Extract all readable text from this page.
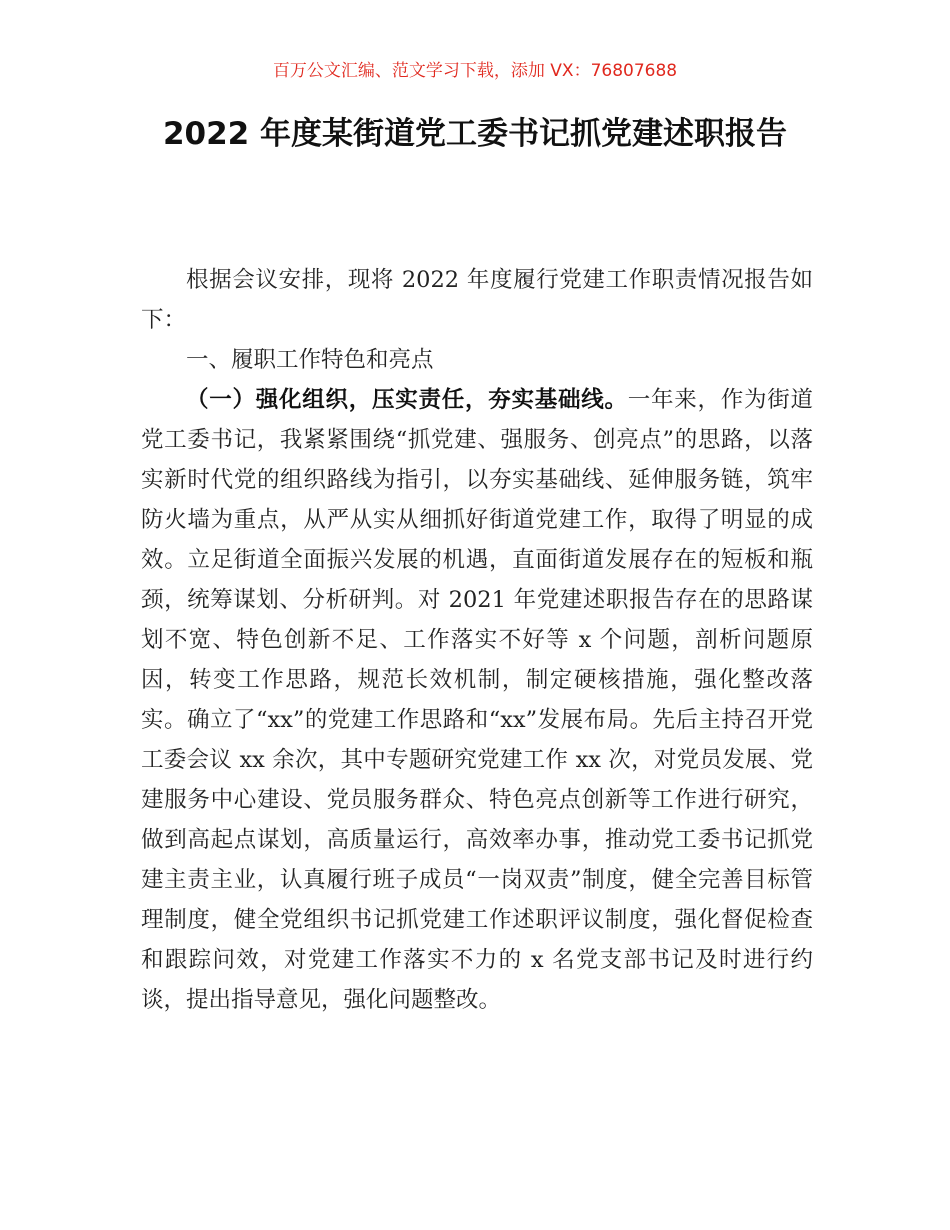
百万公文汇编、范文学习下载，添加 VX：76807688
2022 年度某街道党工委书记抓党建述职报告

根据会议安排，现将 2022 年度履行党建工作职责情况报告如下：

一、履职工作特色和亮点

（一）强化组织，压实责任，夯实基础线。一年来，作为街道党工委书记，我紧紧围绕“抓党建、强服务、创亮点”的思路，以落实新时代党的组织路线为指引，以夯实基础线、延伸服务链，筑牢防火墙为重点，从严从实从细抓好街道党建工作，取得了明显的成效。立足街道全面振兴发展的机遇，直面街道发展存在的短板和瓶颈，统筹谋划、分析研判。对 2021 年党建述职报告存在的思路谋划不宽、特色创新不足、工作落实不好等 x 个问题，剖析问题原因，转变工作思路，规范长效机制，制定硬核措施，强化整改落实。确立了“xx”的党建工作思路和“xx”发展布局。先后主持召开党工委会议 xx 余次，其中专题研究党建工作 xx 次，对党员发展、党建服务中心建设、党员服务群众、特色亮点创新等工作进行研究，做到高起点谋划，高质量运行，高效率办事，推动党工委书记抓党建主责主业，认真履行班子成员“一岗双责”制度，健全完善目标管理制度，健全党组织书记抓党建工作述职评议制度，强化督促检查和跟踪问效，对党建工作落实不力的 x 名党支部书记及时进行约谈，提出指导意见，强化问题整改。
